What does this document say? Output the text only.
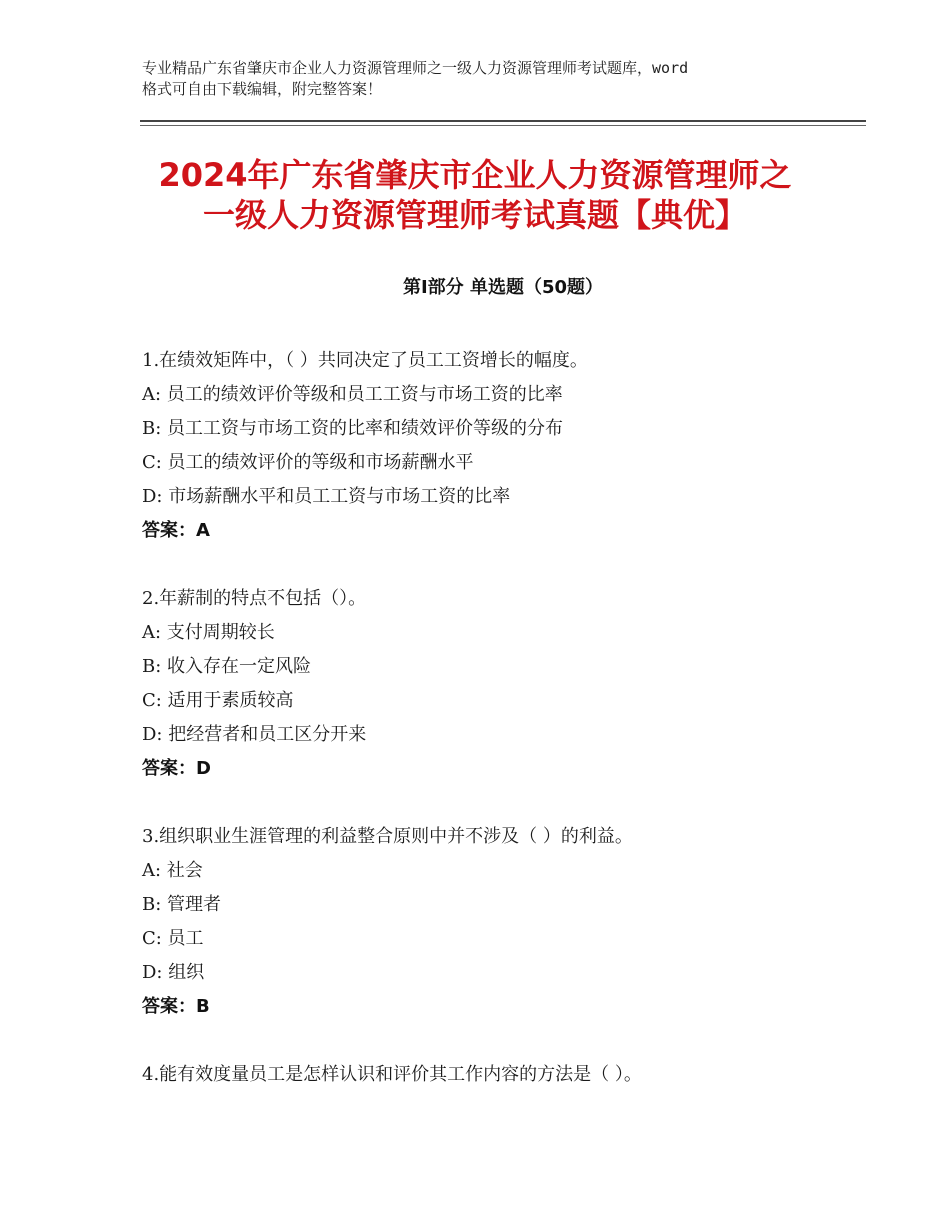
专业精品广东省肇庆市企业人力资源管理师之一级人力资源管理师考试题库，word
格式可自由下载编辑，附完整答案！
2024年广东省肇庆市企业人力资源管理师之
一级人力资源管理师考试真题【典优】
第Ⅰ部分 单选题（50题）
1.在绩效矩阵中，（ ）共同决定了员工工资增长的幅度。
A: 员工的绩效评价等级和员工工资与市场工资的比率
B: 员工工资与市场工资的比率和绩效评价等级的分布
C: 员工的绩效评价的等级和市场薪酬水平
D: 市场薪酬水平和员工工资与市场工资的比率
答案：A
2.年薪制的特点不包括（）。
A: 支付周期较长
B: 收入存在一定风险
C: 适用于素质较高
D: 把经营者和员工区分开来
答案：D
3.组织职业生涯管理的利益整合原则中并不涉及（ ）的利益。
A: 社会
B: 管理者
C: 员工
D: 组织
答案：B
4.能有效度量员工是怎样认识和评价其工作内容的方法是（ ）。
